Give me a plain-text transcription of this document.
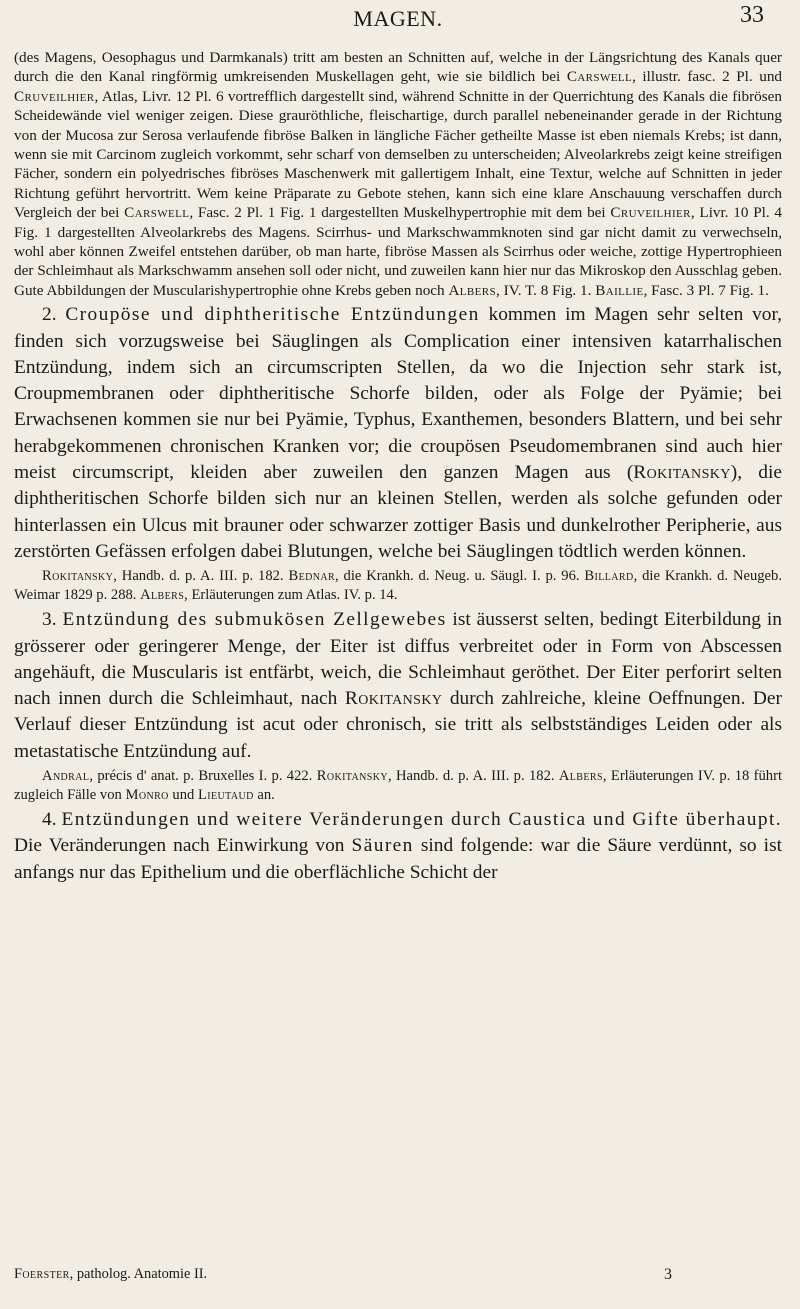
MAGEN.	33

(des Magens, Oesophagus und Darmkanals) tritt am besten an Schnitten auf, welche in der Längsrichtung des Kanals quer durch die den Kanal ringförmig umkreisenden Muskellagen geht, wie sie bildlich bei Carswell, illustr. fasc. 2 Pl. und Cruveilhier, Atlas, Livr. 12 Pl. 6 vortrefflich dargestellt sind, während Schnitte in der Querrichtung des Kanals die fibrösen Scheidewände viel weniger zeigen. Diese grauröthliche, fleischartige, durch parallel nebeneinander gerade in der Richtung von der Mucosa zur Serosa verlaufende fibröse Balken in längliche Fächer getheilte Masse ist eben niemals Krebs; ist dann, wenn sie mit Carcinom zugleich vorkommt, sehr scharf von demselben zu unterscheiden; Alveolarkrebs zeigt keine streifigen Fächer, sondern ein polyedrisches fibröses Maschenwerk mit gallertigem Inhalt, eine Textur, welche auf Schnitten in jeder Richtung geführt hervortritt. Wem keine Präparate zu Gebote stehen, kann sich eine klare Anschauung verschaffen durch Vergleich der bei Carswell, Fasc. 2 Pl. 1 Fig. 1 dargestellten Muskelhypertrophie mit dem bei Cruveilhier, Livr. 10 Pl. 4 Fig. 1 dargestellten Alveolarkrebs des Magens. Scirrhus- und Markschwammknoten sind gar nicht damit zu verwechseln, wohl aber können Zweifel entstehen darüber, ob man harte, fibröse Massen als Scirrhus oder weiche, zottige Hypertrophieen der Schleimhaut als Markschwamm ansehen soll oder nicht, und zuweilen kann hier nur das Mikroskop den Ausschlag geben. Gute Abbildungen der Muscularishypertrophie ohne Krebs geben noch Albers, IV. T. 8 Fig. 1. Baillie, Fasc. 3 Pl. 7 Fig. 1.

2. Croupöse und diphtheritische Entzündungen kommen im Magen sehr selten vor, finden sich vorzugsweise bei Säuglingen als Complication einer intensiven katarrhalischen Entzündung, indem sich an circumscripten Stellen, da wo die Injection sehr stark ist, Croupmembranen oder diphtheritische Schorfe bilden, oder als Folge der Pyämie; bei Erwachsenen kommen sie nur bei Pyämie, Typhus, Exanthemen, besonders Blattern, und bei sehr herabgekommenen chronischen Kranken vor; die croupösen Pseudomembranen sind auch hier meist circumscript, kleiden aber zuweilen den ganzen Magen aus (Rokitansky), die diphtheritischen Schorfe bilden sich nur an kleinen Stellen, werden als solche gefunden oder hinterlassen ein Ulcus mit brauner oder schwarzer zottiger Basis und dunkelrother Peripherie, aus zerstörten Gefässen erfolgen dabei Blutungen, welche bei Säuglingen tödtlich werden können.

Rokitansky, Handb. d. p. A. III. p. 182. Bednar, die Krankh. d. Neug. u. Säugl. I. p. 96. Billard, die Krankh. d. Neugeb. Weimar 1829 p. 288. Albers, Erläuterungen zum Atlas. IV. p. 14.

3. Entzündung des submukösen Zellgewebes ist äusserst selten, bedingt Eiterbildung in grösserer oder geringerer Menge, der Eiter ist diffus verbreitet oder in Form von Abscessen angehäuft, die Muscularis ist entfärbt, weich, die Schleimhaut geröthet. Der Eiter perforirt selten nach innen durch die Schleimhaut, nach Rokitansky durch zahlreiche, kleine Oeffnungen. Der Verlauf dieser Entzündung ist acut oder chronisch, sie tritt als selbstständiges Leiden oder als metastatische Entzündung auf.

Andral, précis d' anat. p. Bruxelles I. p. 422. Rokitansky, Handb. d. p. A. III. p. 182. Albers, Erläuterungen IV. p. 18 führt zugleich Fälle von Monro und Lieutaud an.

4. Entzündungen und weitere Veränderungen durch Caustica und Gifte überhaupt. Die Veränderungen nach Einwirkung von Säuren sind folgende: war die Säure verdünnt, so ist anfangs nur das Epithelium und die oberflächliche Schicht der

Foerster, patholog. Anatomie II.	3
